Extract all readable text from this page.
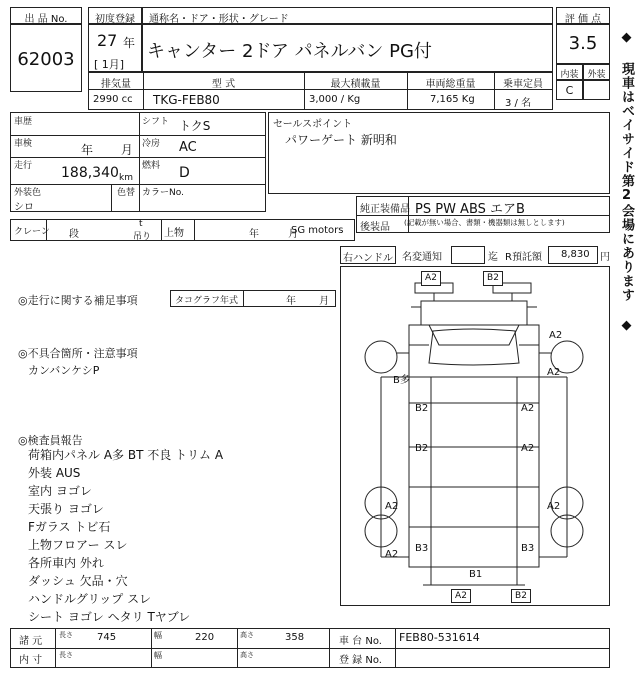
出 品 No.
62003
初度登録
27 年
[ 1月]
通称名・ドア・形状・グレード
キャンター 2ドア パネルバン PG付
評 価 点
3.5
内装 外装
C
排気量
2990 cc
型 式
TKG-FEB80
最大積載量
3,000 / Kg
車両総重量
7,165 Kg
乗車定員
3 / 名
車歴	シフト トクS
車検	年 月 冷房 AC
走行 188,340 km
燃料 D
外装色
シロ
色替 カラーNo.
セールスポイント
パワーゲート 新明和
純正装備品 PS PW ABS エアB
後装品 (記載が無い場合、書類・機器類は無しとします)
クレーン 段
t
吊り 上物	年 月
SG motors
右ハンドル 名変通知	迄 R預託額 8,830 円
◎走行に関する補足事項	タコグラフ年式	年 月
◎不具合箇所・注意事項
カンバンケシP
◎検査員報告
荷箱内パネル A多 BT 不良 トリム A
外装 AUS
室内 ヨゴレ
天張り ヨゴレ
Fガラス トビ石
上物フロアー スレ
各所車内 外れ
ダッシュ 欠品・穴
ハンドルグリップ スレ
シート ヨゴレ ヘタリ Tヤブレ
A2	B2
A2
B多
B2
A2
B2
A2
A2	A2
A2
B3	B3
A2
B1
A2	B2
諸 元
長さ 745	幅	220	高さ	358	車 台 No. FEB80-531614
内 寸 長さ	幅	高さ	登 録 No.
◆ 現車はベイサイド第2会場にあります ◆
